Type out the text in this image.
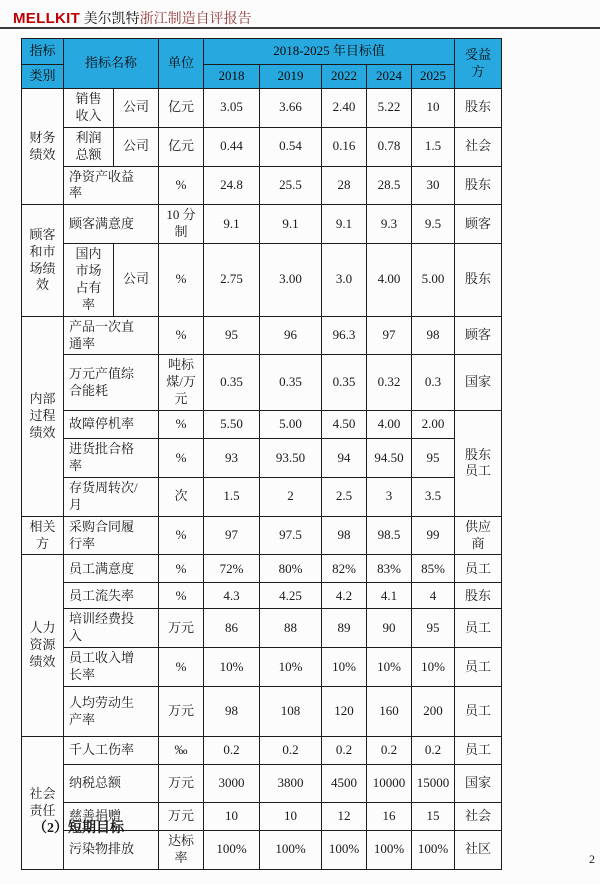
MELLKIT 美尔凯特浙江制造自评报告
指标	指标名称		单位	2018-2025 年目标值					受益方
类别				2018	2019	2022	2024	2025	
财务绩效	销售收入	公司	亿元	3.05	3.66	2.40	5.22	10	股东
	利润总额	公司	亿元	0.44	0.54	0.16	0.78	1.5	社会
	净资产收益率		%	24.8	25.5	28	28.5	30	股东
顾客和市场绩效	顾客满意度		10 分制	9.1	9.1	9.1	9.3	9.5	顾客
	国内市场占有率	公司	%	2.75	3.00	3.0	4.00	5.00	股东
内部过程绩效	产品一次直通率		%	95	96	96.3	97	98	顾客
	万元产值综合能耗		吨标煤/万元	0.35	0.35	0.35	0.32	0.3	国家
	故障停机率		%	5.50	5.00	4.50	4.00	2.00	股东员工
	进货批合格率		%	93	93.50	94	94.50	95	
	存货周转次/月		次	1.5	2	2.5	3	3.5	
相关方	采购合同履行率		%	97	97.5	98	98.5	99	供应商
人力资源绩效	员工满意度		%	72%	80%	82%	83%	85%	员工
	员工流失率		%	4.3	4.25	4.2	4.1	4	股东
	培训经费投入		万元	86	88	89	90	95	员工
	员工收入增长率		%	10%	10%	10%	10%	10%	员工
	人均劳动生产率		万元	98	108	120	160	200	员工
社会责任	千人工伤率		‰	0.2	0.2	0.2	0.2	0.2	员工
	纳税总额		万元	3000	3800	4500	10000	15000	国家
	慈善捐赠		万元	10	10	12	16	15	社会
	污染物排放		达标率	100%	100%	100%	100%	100%	社区
（2）短期目标
2
